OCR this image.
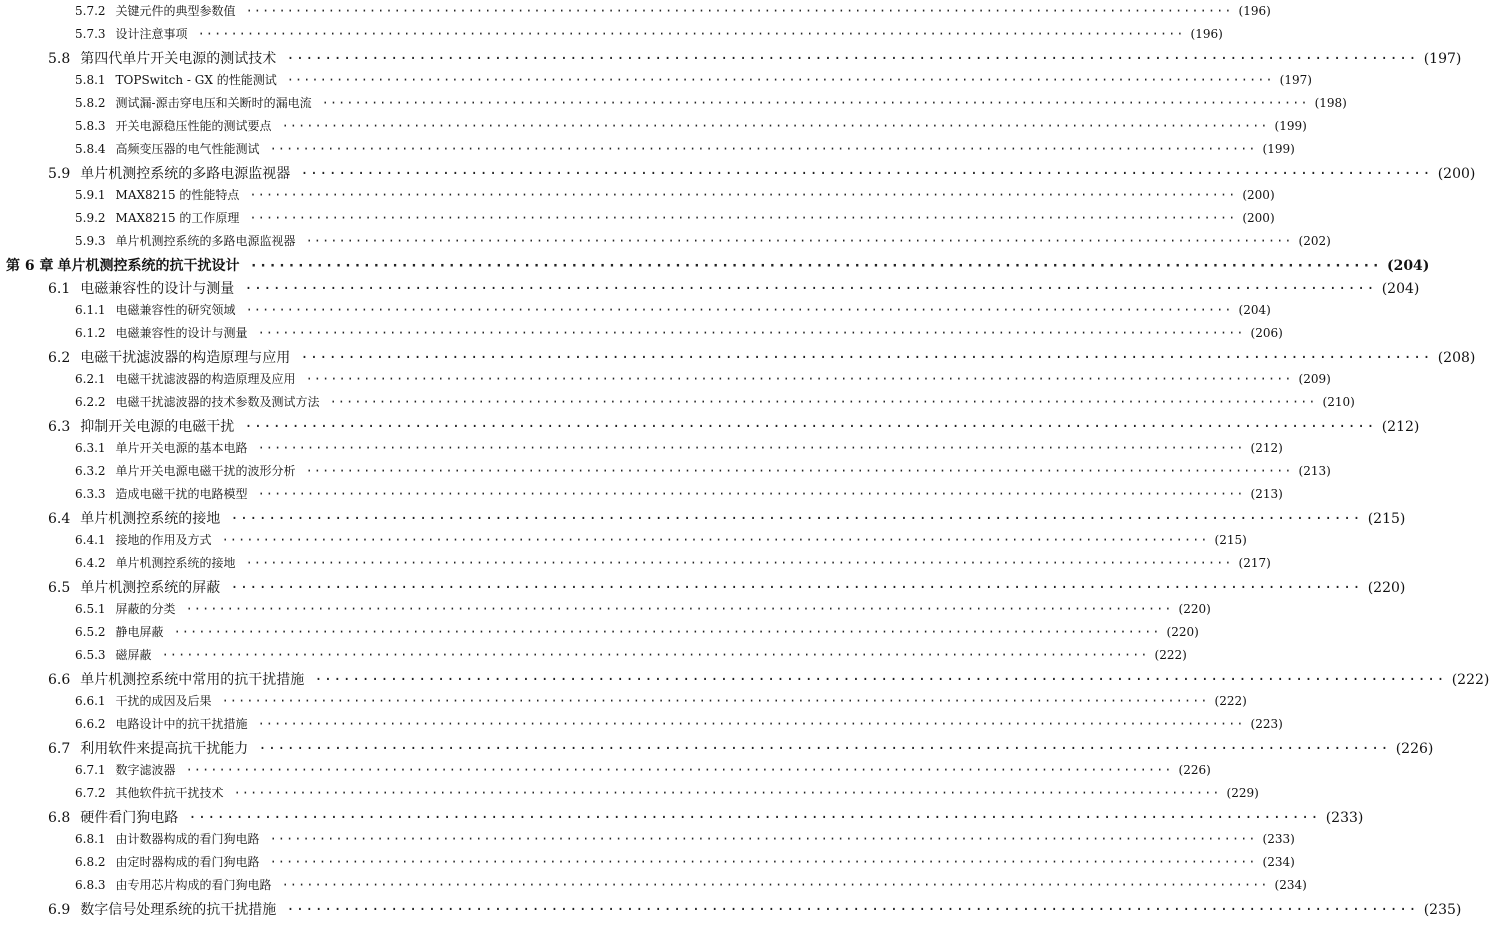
5.7.2 关键元件的典型参数值 ························································································································ (196)
5.7.3 设计注意事项 ························································································································ (196)
5.8 第四代单片开关电源的测试技术 ························································································································ (197)
5.8.1 TOPSwitch - GX 的性能测试 ························································································································ (197)
5.8.2 测试漏-源击穿电压和关断时的漏电流 ························································································································ (198)
5.8.3 开关电源稳压性能的测试要点 ························································································································ (199)
5.8.4 高频变压器的电气性能测试 ························································································································ (199)
5.9 单片机测控系统的多路电源监视器 ························································································································ (200)
5.9.1 MAX8215 的性能特点 ························································································································ (200)
5.9.2 MAX8215 的工作原理 ························································································································ (200)
5.9.3 单片机测控系统的多路电源监视器 ························································································································ (202)
第 6 章 单片机测控系统的抗干扰设计 ························································································································ (204)
6.1 电磁兼容性的设计与测量 ························································································································ (204)
6.1.1 电磁兼容性的研究领域 ························································································································ (204)
6.1.2 电磁兼容性的设计与测量 ························································································································ (206)
6.2 电磁干扰滤波器的构造原理与应用 ························································································································ (208)
6.2.1 电磁干扰滤波器的构造原理及应用 ························································································································ (209)
6.2.2 电磁干扰滤波器的技术参数及测试方法 ························································································································ (210)
6.3 抑制开关电源的电磁干扰 ························································································································ (212)
6.3.1 单片开关电源的基本电路 ························································································································ (212)
6.3.2 单片开关电源电磁干扰的波形分析 ························································································································ (213)
6.3.3 造成电磁干扰的电路模型 ························································································································ (213)
6.4 单片机测控系统的接地 ························································································································ (215)
6.4.1 接地的作用及方式 ························································································································ (215)
6.4.2 单片机测控系统的接地 ························································································································ (217)
6.5 单片机测控系统的屏蔽 ························································································································ (220)
6.5.1 屏蔽的分类 ························································································································ (220)
6.5.2 静电屏蔽 ························································································································ (220)
6.5.3 磁屏蔽 ························································································································ (222)
6.6 单片机测控系统中常用的抗干扰措施 ························································································································ (222)
6.6.1 干扰的成因及后果 ························································································································ (222)
6.6.2 电路设计中的抗干扰措施 ························································································································ (223)
6.7 利用软件来提高抗干扰能力 ························································································································ (226)
6.7.1 数字滤波器 ························································································································ (226)
6.7.2 其他软件抗干扰技术 ························································································································ (229)
6.8 硬件看门狗电路 ························································································································ (233)
6.8.1 由计数器构成的看门狗电路 ························································································································ (233)
6.8.2 由定时器构成的看门狗电路 ························································································································ (234)
6.8.3 由专用芯片构成的看门狗电路 ························································································································ (234)
6.9 数字信号处理系统的抗干扰措施 ························································································································ (235)
